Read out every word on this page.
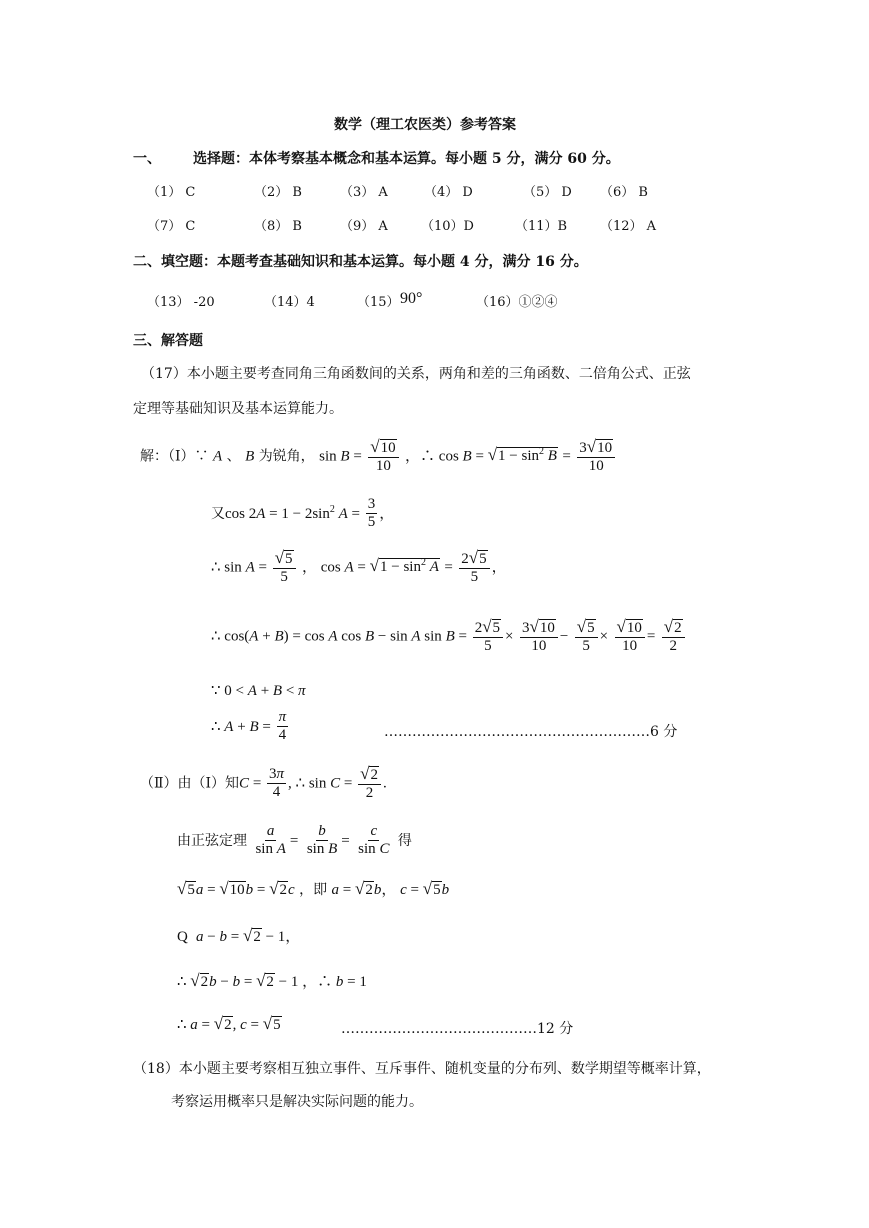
数学（理工农医类）参考答案
一、 选择题：本体考察基本概念和基本运算。每小题 5 分，满分 60 分。
（1） C	（2） B	（3） A	（4） D	（5） D （6） B
（7） C	（8） B	（9） A	（10）D	（11）B	（12） A
二、填空题：本题考查基础知识和基本运算。每小题 4 分，满分 16 分。
（13） -20	（14）4	（15） 90°	（16）①②④
三、解答题
（17）本小题主要考查同角三角函数间的关系，两角和差的三角函数、二倍角公式、正弦
定理等基础知识及基本运算能力。
解：（Ⅰ）∵ A 、 B 为锐角， $\sin B = \frac{√10}{10}$ ，∴ $\cos B = √1 - \sin^2 B = \frac{3√10}{10}$
又$\cos 2A = 1 - 2\sin^2$ $A = \frac{3}{5}$ ，
∴ $\sin A = \frac{√5}{5}$ ， $\cos A = √1 - \sin^2 A = \frac{2√5}{5}$ ，
∴ cos(A + B) = cos A cos B − sin A $\sin B = \frac{2√5}{5} \times \frac{3√10}{10} - \frac{√5}{5} \times \frac{√10}{10} = \frac{√2}{2}$
∵ 0 < A + B < π
∴ $A + B = \frac{\pi}{4}$	…………………………………………………6 分
（Ⅱ）由（Ⅰ）知$C = \frac{3\pi}{4}$ , ∴ $\sin C = \frac{√2}{2}$ .
由正弦定理 $\frac{a}{\text{sin A}} = \frac{b}{\text{sin B}} = \frac{c}{\text{sin C}}$ 得
√5a = √10b = √2c ，即 a = √2b， c = √5b
Q a − b = √2 − 1，
∴ √2b − b = √2 − 1 ，∴ b = 1
∴ a = √2, c = √5	……………………………………12 分
（18）本小题主要考察相互独立事件、互斥事件、随机变量的分布列、数学期望等概率计算，
考察运用概率只是解决实际问题的能力。
